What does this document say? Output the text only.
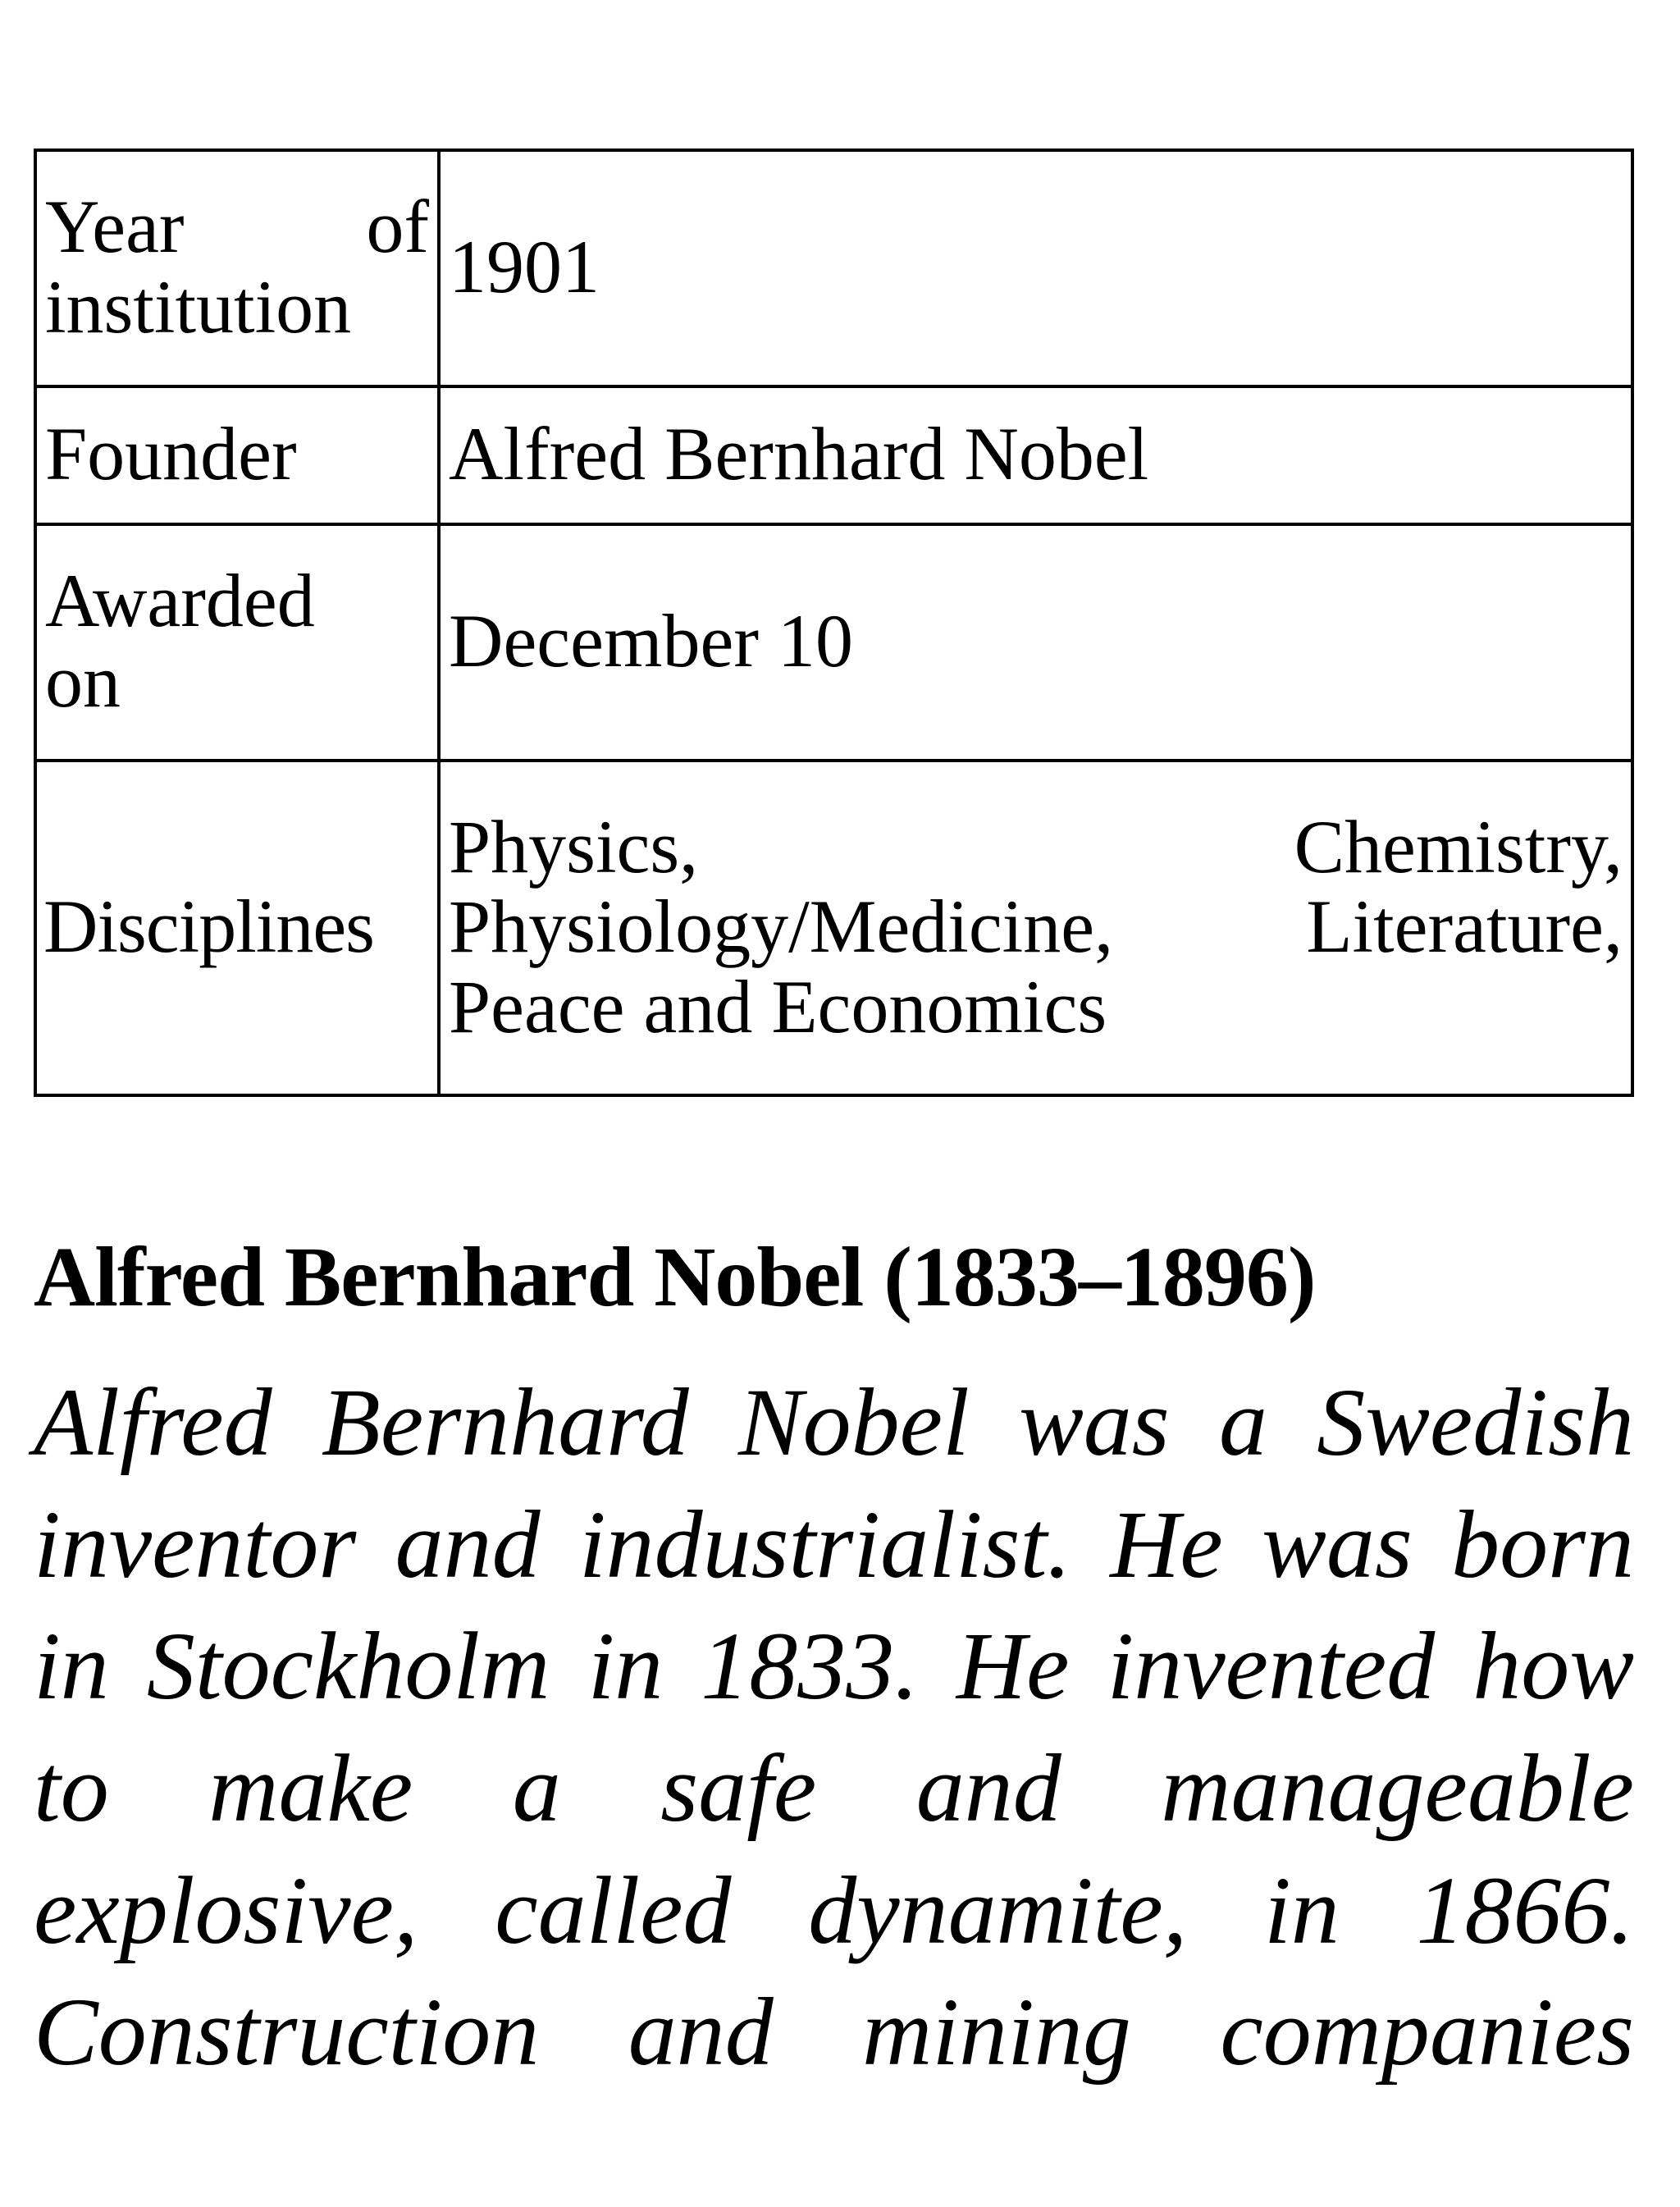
Year of
institution	1901
Founder	Alfred Bernhard Nobel
Awarded on	December 10
Disciplines	Physics, Chemistry, Physiology/Medicine, Literature, Peace and Economics
Alfred Bernhard Nobel (1833–1896)

Alfred Bernhard Nobel was a Swedish inventor and industrialist. He was born in Stockholm in 1833. He invented how to make a safe and manageable explosive, called dynamite, in 1866. Construction and mining companies
